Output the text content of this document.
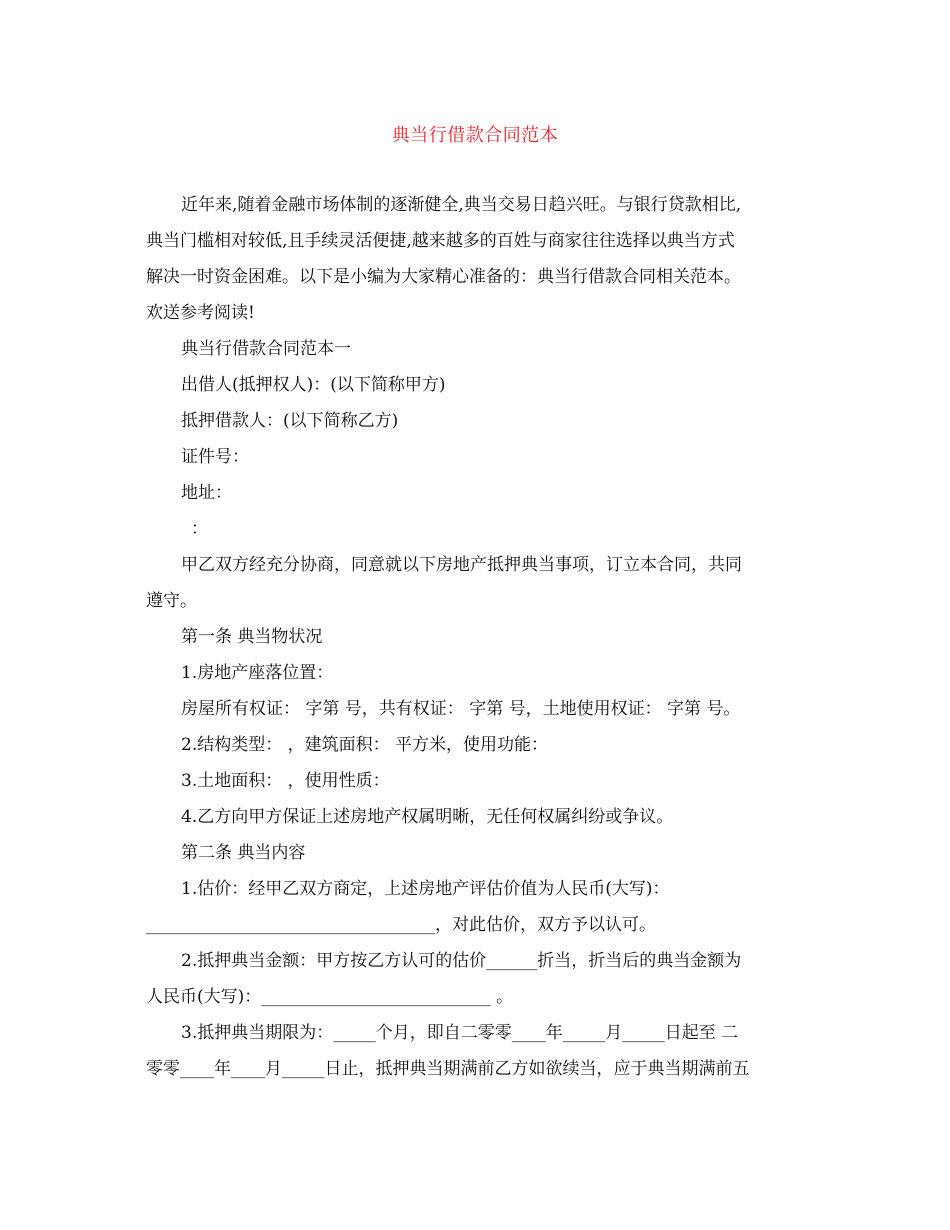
典当行借款合同范本
近年来,随着金融市场体制的逐渐健全,典当交易日趋兴旺。与银行贷款相比,
典当门槛相对较低,且手续灵活便捷,越来越多的百姓与商家往往选择以典当方式
解决一时资金困难。以下是小编为大家精心准备的：典当行借款合同相关范本。
欢送参考阅读!
典当行借款合同范本一
出借人(抵押权人)：(以下简称甲方)
抵押借款人：(以下简称乙方)
证件号：
地址：
：
甲乙双方经充分协商，同意就以下房地产抵押典当事项，订立本合同，共同
遵守。
第一条 典当物状况
1.房地产座落位置：
房屋所有权证： 字第 号，共有权证： 字第 号，土地使用权证： 字第 号。
2.结构类型： ，建筑面积： 平方米，使用功能：
3.土地面积： ，使用性质：
4.乙方向甲方保证上述房地产权属明晰，无任何权属纠纷或争议。
第二条 典当内容
1.估价：经甲乙双方商定，上述房地产评估价值为人民币(大写)：
__________________________________，对此估价，双方予以认可。
2.抵押典当金额：甲方按乙方认可的估价______折当，折当后的典当金额为
人民币(大写)：___________________________ 。
3.抵押典当期限为：_____个月，即自二零零____年_____月_____日起至 二
零零____年____月_____日止，抵押典当期满前乙方如欲续当，应于典当期满前五
